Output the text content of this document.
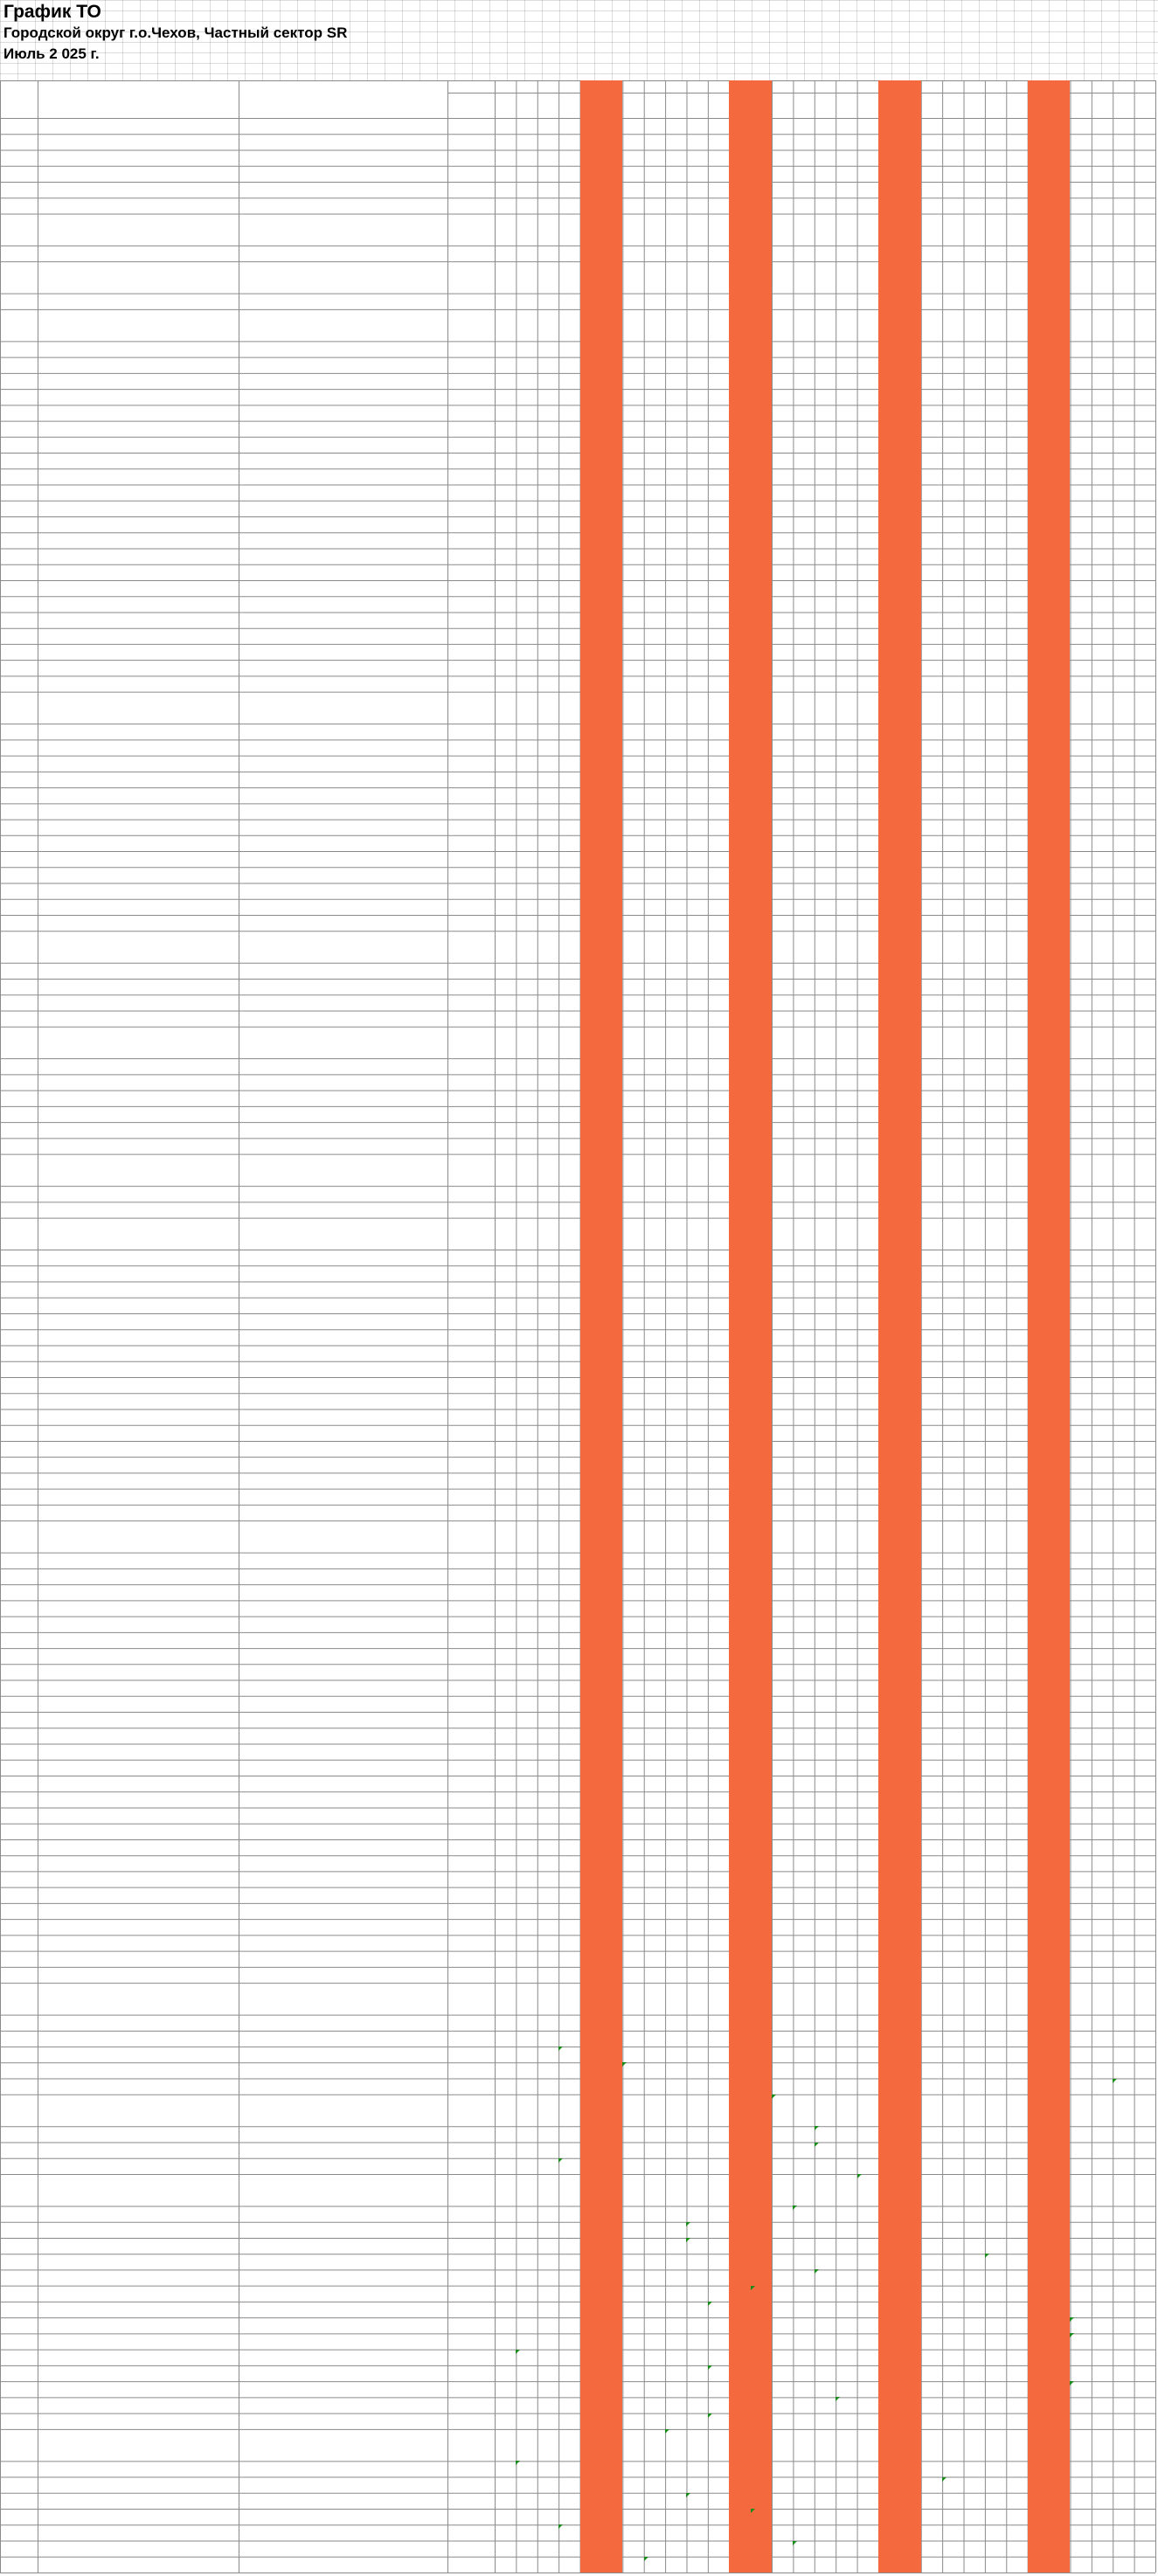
График ТО
Городской округ г.о.Чехов, Частный сектор SR
Июль 2 025 г.
